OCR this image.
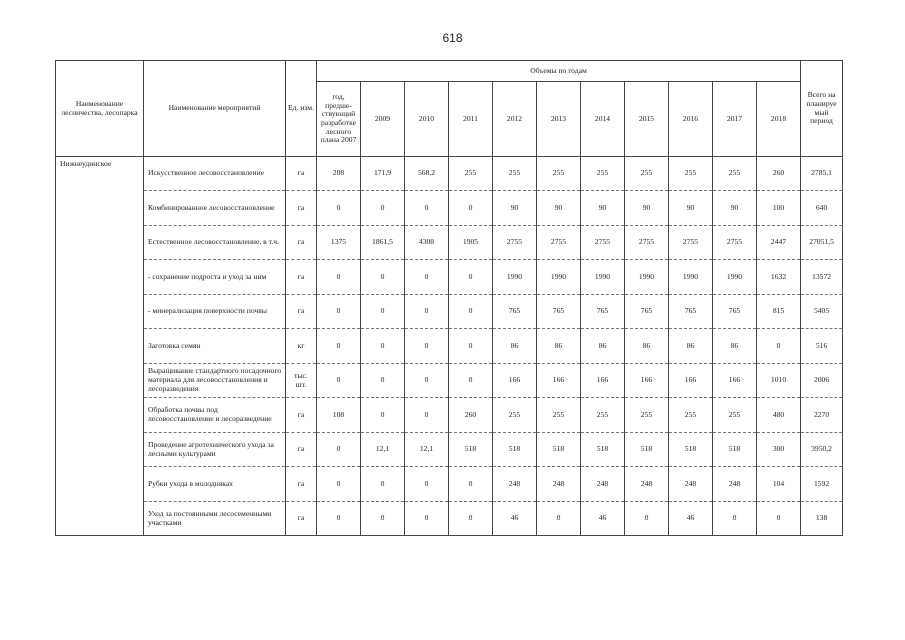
618
Наименование лесничества, лесопарка	Наименование мероприятий	Ед. изм.	Объемы по годам											Всего на планируе мый период
			год, предше-ствующий разработке лесного плана 2007	2009	2010	2011	2012	2013	2014	2015	2016	2017	2018	
Нижнеудинское	Искусственное лесовосстановление	га	208	171,9	568,2	255	255	255	255	255	255	255	260	2785,1
	Комбинированное лесовосстановление	га	0	0	0	0	90	90	90	90	90	90	100	640
	Естественное лесовосстановление, в т.ч.	га	1375	1861,5	4308	1905	2755	2755	2755	2755	2755	2755	2447	27051,5
	- сохранение подроста и уход за ним	га	0	0	0	0	1990	1990	1990	1990	1990	1990	1632	13572
	- минерализация поверхности почвы	га	0	0	0	0	765	765	765	765	765	765	815	5405
	Заготовка семян	кг	0	0	0	0	86	86	86	86	86	86	0	516
	Выращивание стандартного посадочного материала для лесовосстановления и лесоразведения	тыс. шт.	0	0	0	0	166	166	166	166	166	166	1010	2006
	Обработка почвы под лесовосстановление и лесоразведение	га	108	0	0	260	255	255	255	255	255	255	480	2270
	Проведение агротехнического ухода за лесными культурами	га	0	12,1	12,1	518	518	518	518	518	518	518	300	3950,2
	Рубки ухода в молодняках	га	0	0	0	0	248	248	248	248	248	248	104	1592
	Уход за постоянными лесосеменными участками	га	0	0	0	0	46	0	46	0	46	0	0	138
